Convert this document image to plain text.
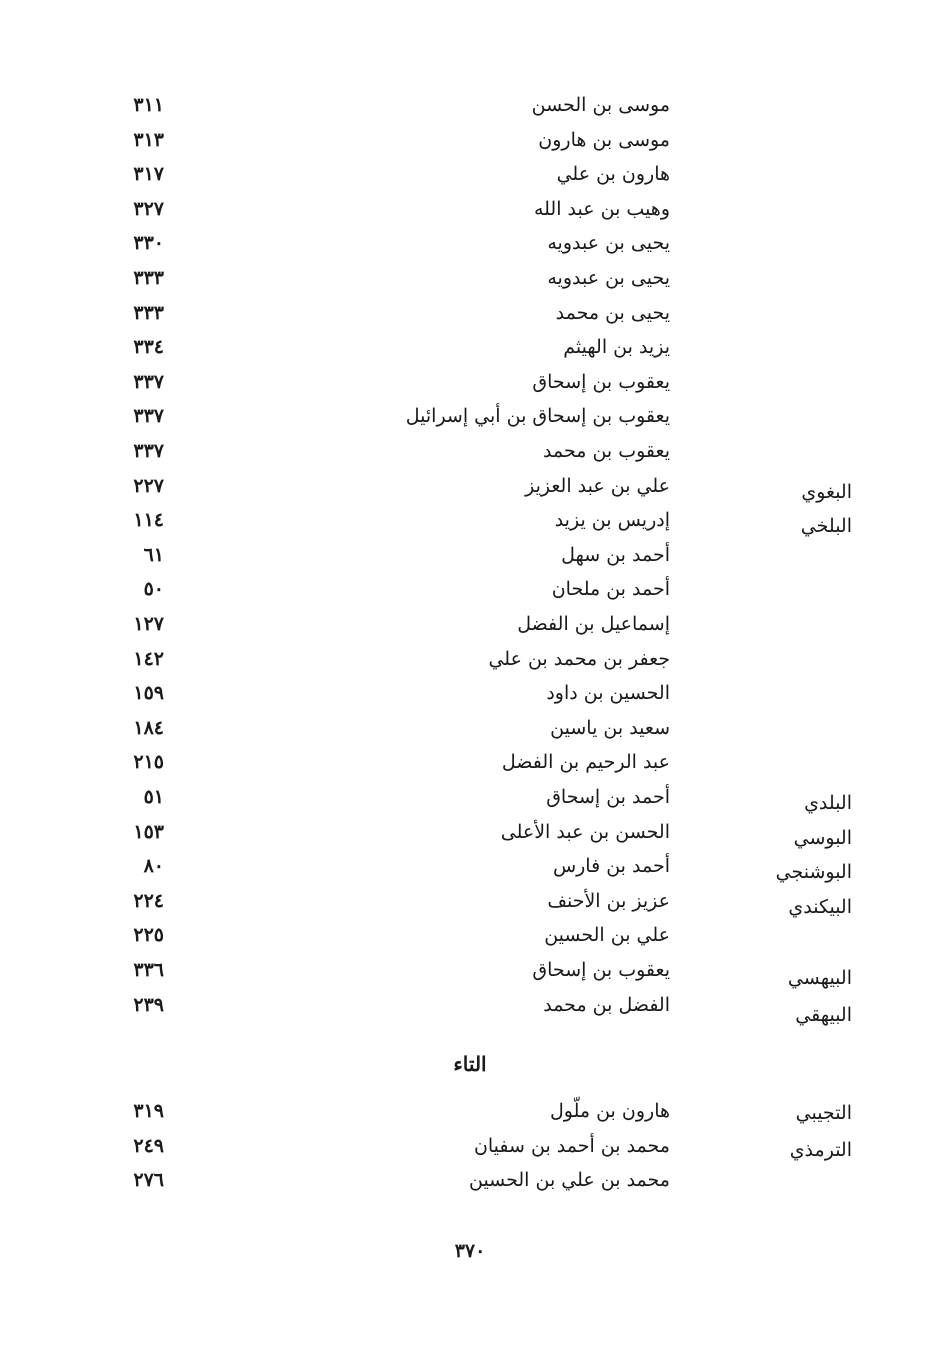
موسى بن الحسن
٣١١
موسى بن هارون
٣١٣
هارون بن علي
٣١٧
وهيب بن عبد الله
٣٢٧
يحيى بن عبدويه
٣٣٠
يحيى بن عبدويه
٣٣٣
يحيى بن محمد
٣٣٣
يزيد بن الهيثم
٣٣٤
يعقوب بن إسحاق
٣٣٧
يعقوب بن إسحاق بن أبي إسرائيل
٣٣٧
يعقوب بن محمد
٣٣٧
البغوي
علي بن عبد العزيز
٢٢٧
البلخي
إدريس بن يزيد
١١٤
أحمد بن سهل
٦١
أحمد بن ملحان
٥٠
إسماعيل بن الفضل
١٢٧
جعفر بن محمد بن علي
١٤٢
الحسين بن داود
١٥٩
سعيد بن ياسين
١٨٤
عبد الرحيم بن الفضل
٢١٥
البلدي
أحمد بن إسحاق
٥١
البوسي
الحسن بن عبد الأعلى
١٥٣
البوشنجي
أحمد بن فارس
٨٠
البيكندي
عزيز بن الأحنف
٢٢٤
علي بن الحسين
٢٢٥
البيهسي
يعقوب بن إسحاق
٣٣٦
البيهقي
الفضل بن محمد
٢٣٩
التاء
التجيبي
هارون بن ملّول
٣١٩
الترمذي
محمد بن أحمد بن سفيان
٢٤٩
محمد بن علي بن الحسين
٢٧٦
٣٧٠
